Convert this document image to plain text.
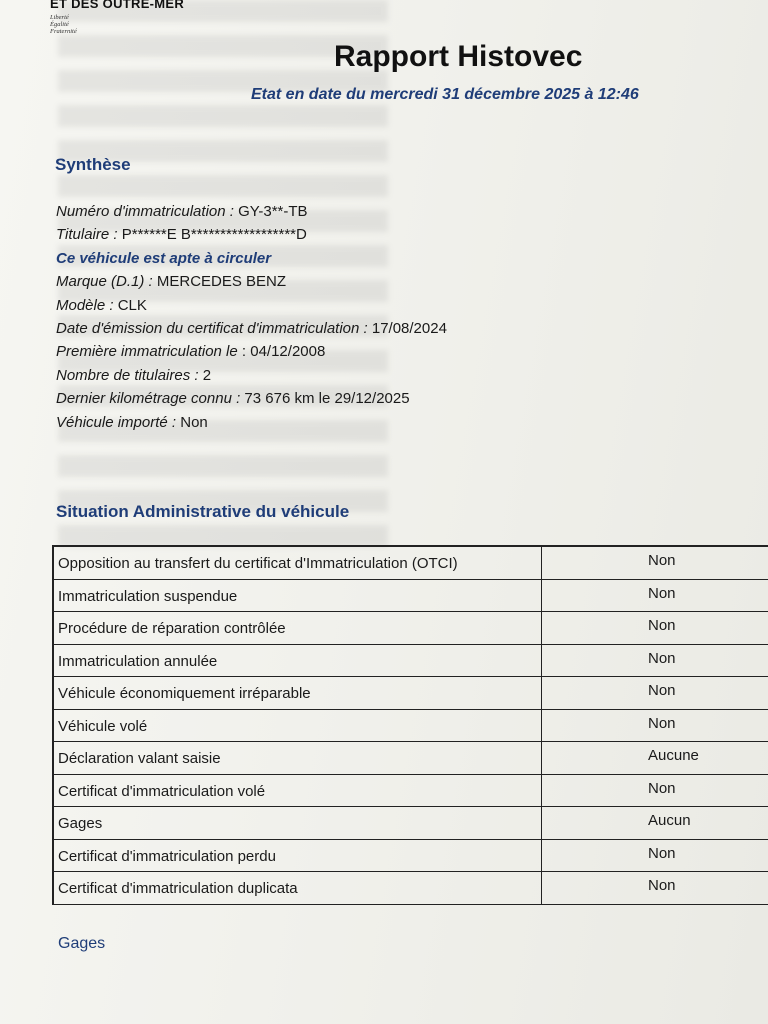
ET DES OUTRE-MER
Liberté
Égalité
Fraternité
Rapport Histovec
Etat en date du mercredi 31 décembre 2025 à 12:46
Synthèse
Numéro d'immatriculation : GY-3**-TB
Titulaire : P******E B******************D
Ce véhicule est apte à circuler
Marque (D.1) : MERCEDES BENZ
Modèle : CLK
Date d'émission du certificat d'immatriculation : 17/08/2024
Première immatriculation le : 04/12/2008
Nombre de titulaires : 2
Dernier kilométrage connu : 73 676 km le 29/12/2025
Véhicule importé : Non
Situation Administrative du véhicule
Opposition au transfert du certificat d'Immatriculation (OTCI)	Non
Immatriculation suspendue	Non
Procédure de réparation contrôlée	Non
Immatriculation annulée	Non
Véhicule économiquement irréparable	Non
Véhicule volé	Non
Déclaration valant saisie	Aucune
Certificat d'immatriculation volé	Non
Gages	Aucun
Certificat d'immatriculation perdu	Non
Certificat d'immatriculation duplicata	Non
Gages
